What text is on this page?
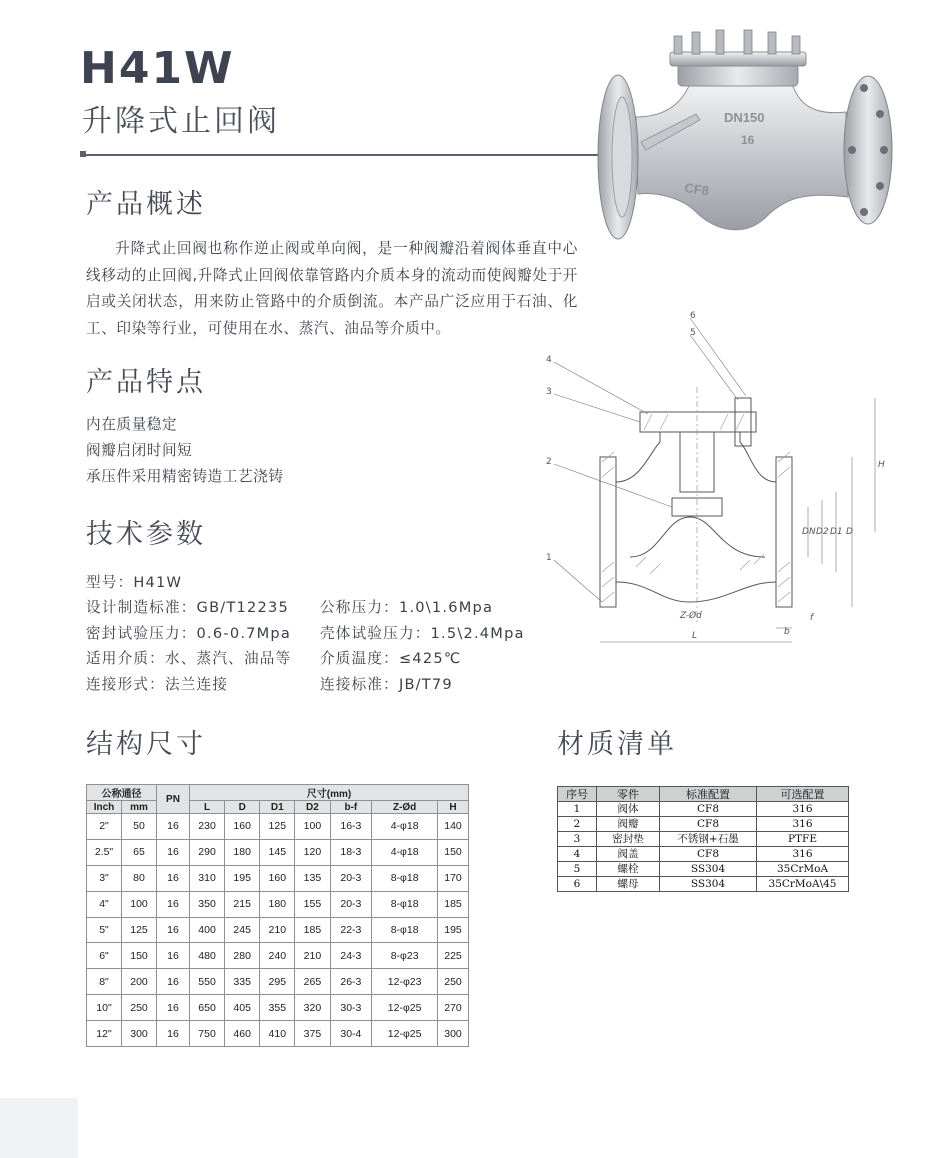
H41W
升降式止回阀	DN150
16
CF8
产品概述
升降式止回阀也称作逆止阀或单向阀，是一种阀瓣沿着阀体垂直中心线移动的止回阀,升降式止回阀依靠管路内介质本身的流动而使阀瓣处于开启或关闭状态，用来防止管路中的介质倒流。本产品广泛应用于石油、化工、印染等行业，可使用在水、蒸汽、油品等介质中。
产品特点
内在质量稳定
阀瓣启闭时间短
承压件采用精密铸造工艺浇铸
技术参数
型号：H41W
设计制造标准：GB/T12235
密封试验压力：0.6-0.7Mpa
适用介质：水、蒸汽、油品等
连接形式：法兰连接
公称压力：1.0\1.6Mpa
壳体试验压力：1.5\2.4Mpa
介质温度：≤425℃
连接标准：JB/T79
1
2
3
4
5
6
H
DN D2 D1 D
Z-Ød
L	b
f
结构尺寸
公称通径		PN	尺寸(mm)						
Inch	mm		L	D	D1	D2	b-f	Z-Ød	H
2"	50	16	230	160	125	100	16-3	4-φ18	140
2.5"	65	16	290	180	145	120	18-3	4-φ18	150
3"	80	16	310	195	160	135	20-3	8-φ18	170
4"	100	16	350	215	180	155	20-3	8-φ18	185
5"	125	16	400	245	210	185	22-3	8-φ18	195
6"	150	16	480	280	240	210	24-3	8-φ23	225
8"	200	16	550	335	295	265	26-3	12-φ23	250
10"	250	16	650	405	355	320	30-3	12-φ25	270
12"	300	16	750	460	410	375	30-4	12-φ25	300
材质清单
序号	零件	标准配置	可选配置
1	阀体	CF8	316
2	阀瓣	CF8	316
3	密封垫	不锈钢+石墨	PTFE
4	阀盖	CF8	316
5	螺栓	SS304	35CrMoA
6	螺母	SS304	35CrMoA\45
